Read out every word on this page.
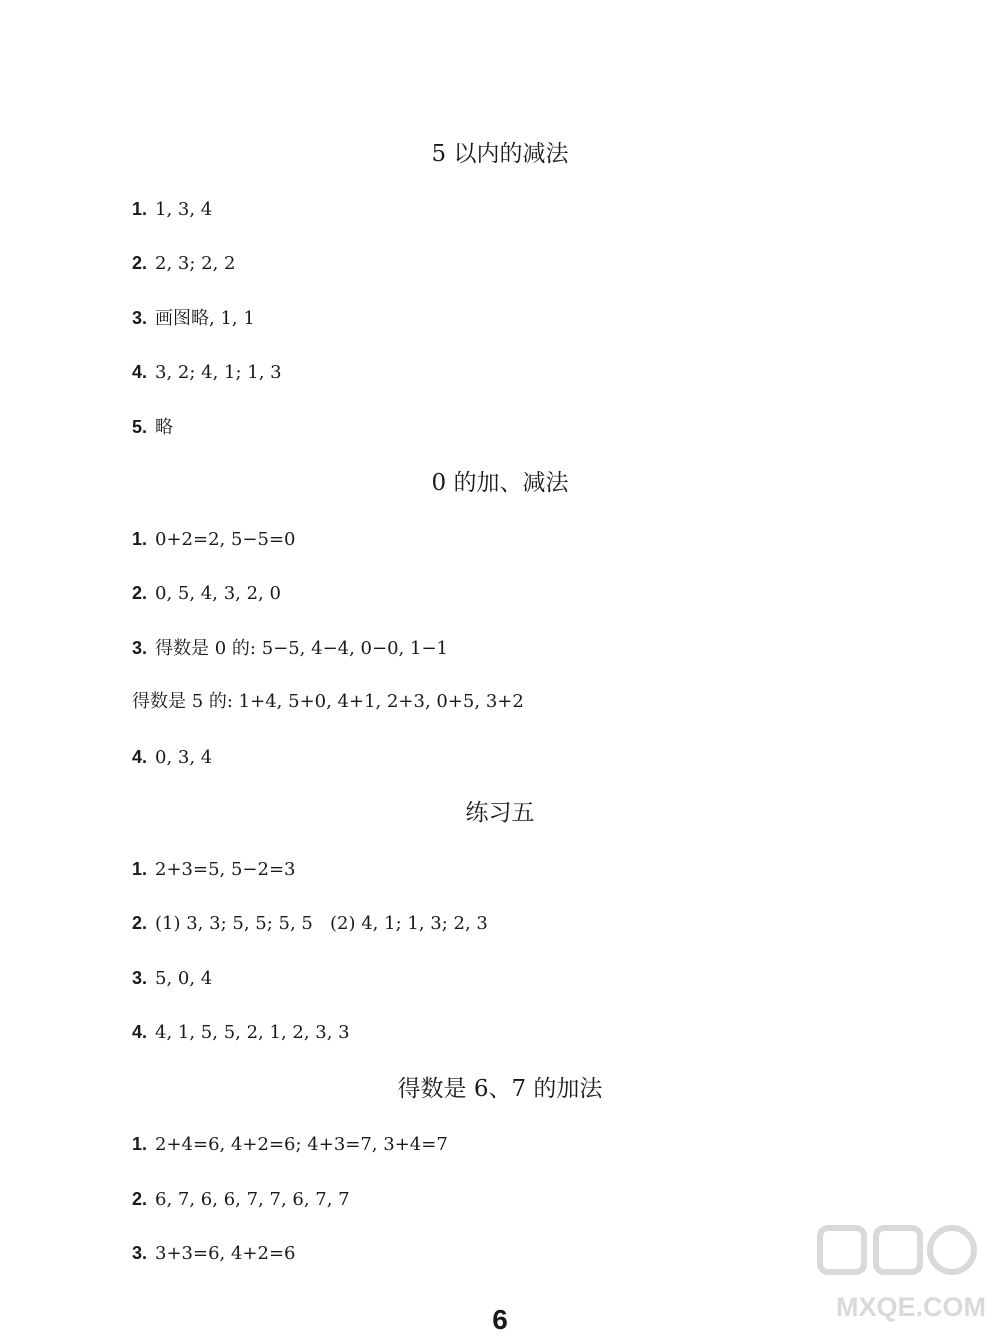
5 以内的减法
1. 1, 3, 4
2. 2, 3; 2, 2
3. 画图略, 1, 1
4. 3, 2; 4, 1; 1, 3
5. 略
0 的加、减法
1. 0+2=2, 5−5=0
2. 0, 5, 4, 3, 2, 0
3. 得数是 0 的: 5−5, 4−4, 0−0, 1−1
得数是 5 的: 1+4, 5+0, 4+1, 2+3, 0+5, 3+2
4. 0, 3, 4
练习五
1. 2+3=5, 5−2=3
2. (1) 3, 3; 5, 5; 5, 5   (2) 4, 1; 1, 3; 2, 3
3. 5, 0, 4
4. 4, 1, 5, 5, 2, 1, 2, 3, 3
得数是 6、7 的加法
1. 2+4=6, 4+2=6; 4+3=7, 3+4=7
2. 6, 7, 6, 6, 7, 7, 6, 7, 7
3. 3+3=6, 4+2=6
MXQE.COM
6
